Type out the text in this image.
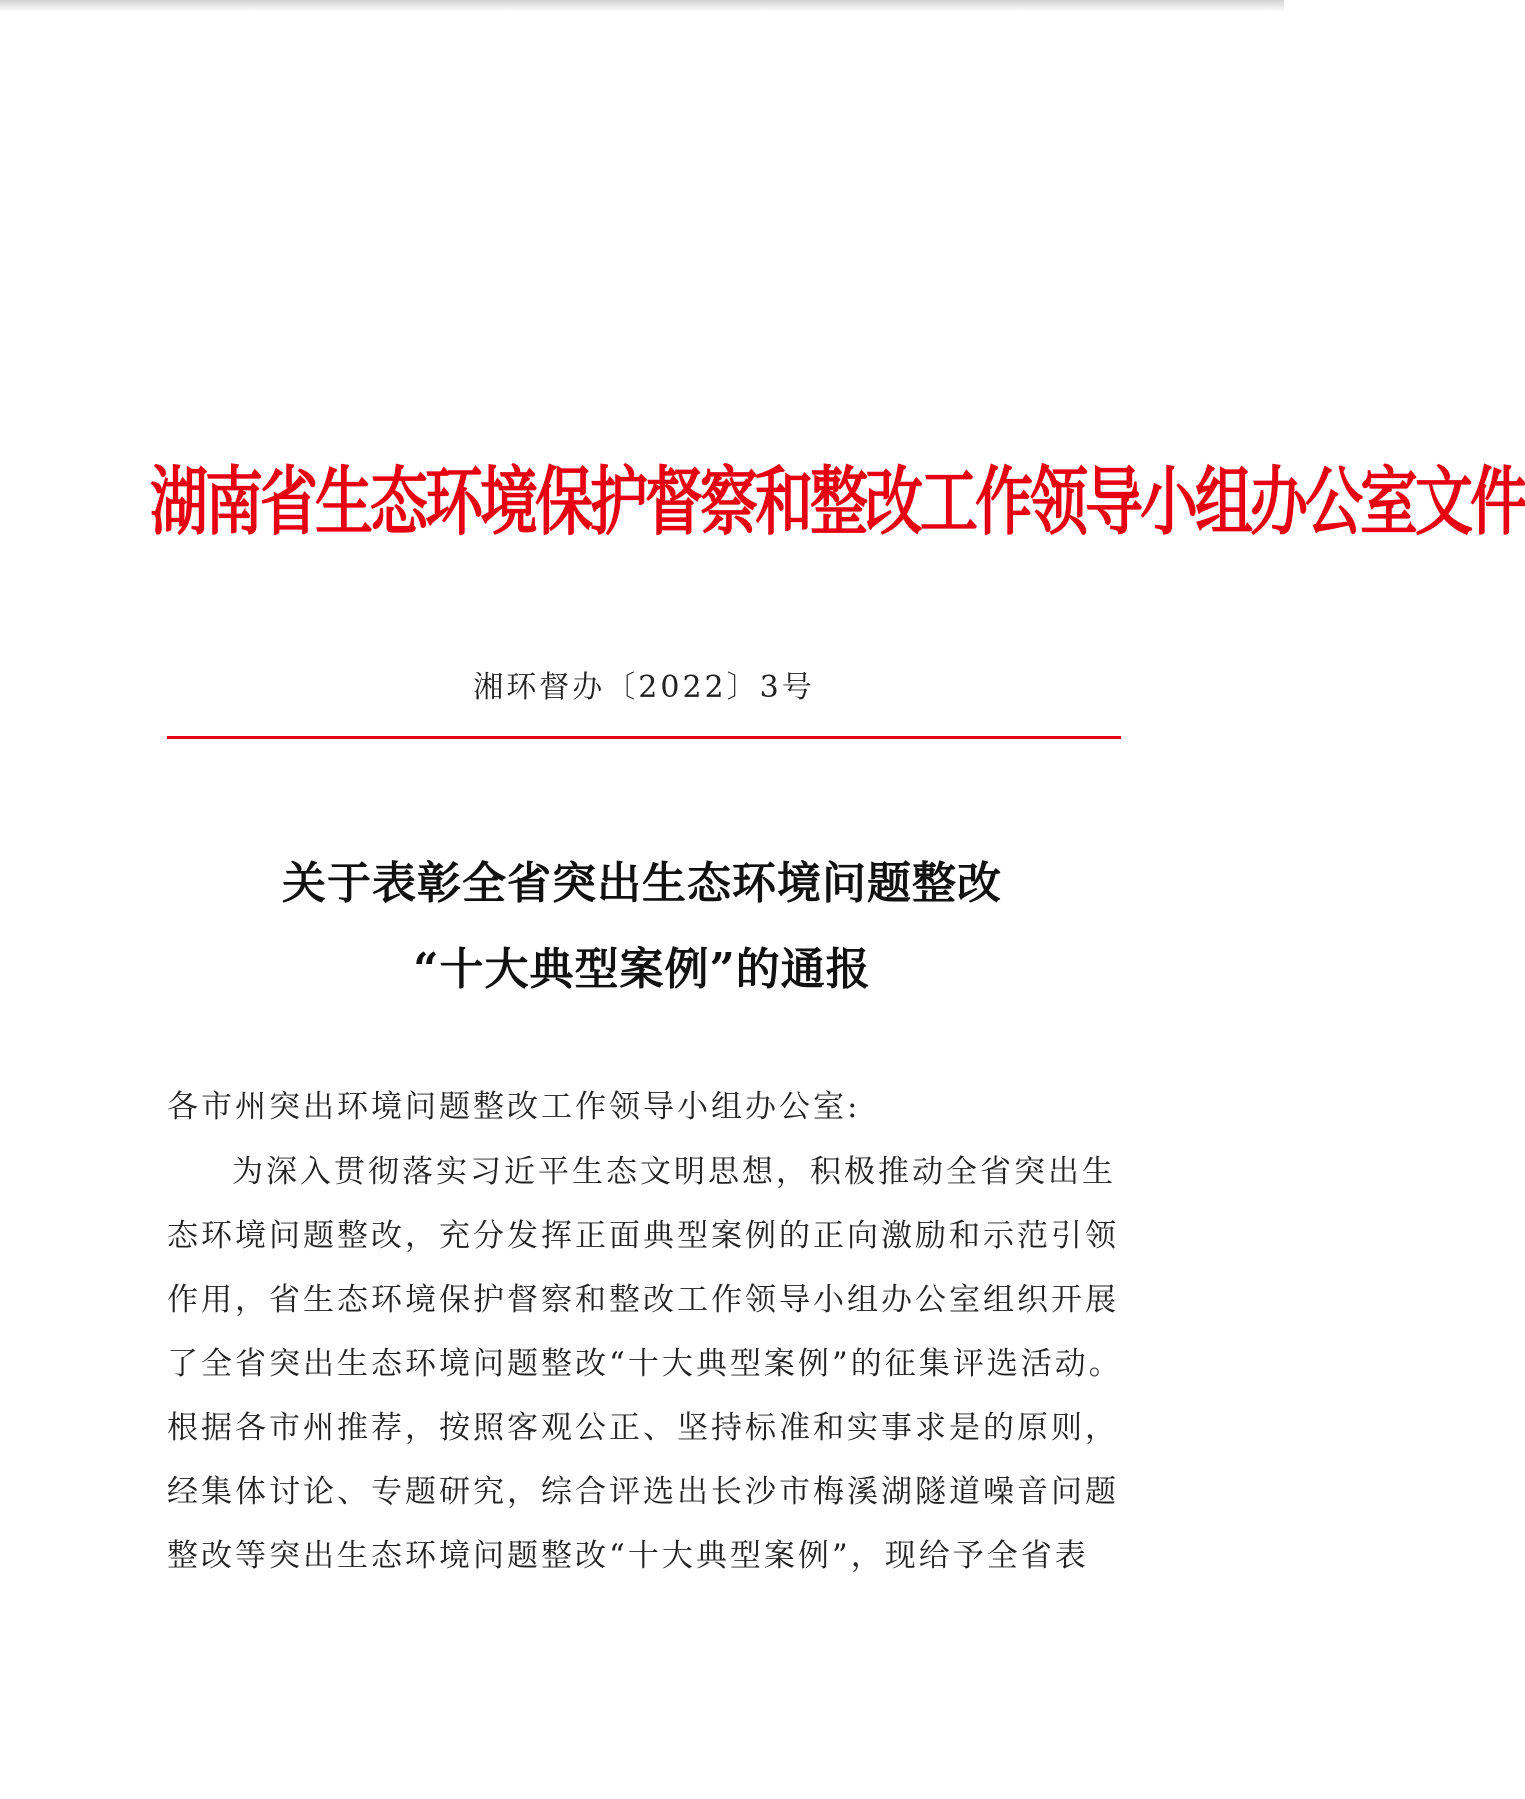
湖南省生态环境保护督察和整改工作领导小组办公室文件
湘环督办〔2022〕3号
关于表彰全省突出生态环境问题整改
“十大典型案例”的通报
各市州突出环境问题整改工作领导小组办公室:
为深入贯彻落实习近平生态文明思想，积极推动全省突出生
态环境问题整改，充分发挥正面典型案例的正向激励和示范引领
作用，省生态环境保护督察和整改工作领导小组办公室组织开展
了全省突出生态环境问题整改“十大典型案例”的征集评选活动。
根据各市州推荐，按照客观公正、坚持标准和实事求是的原则，
经集体讨论、专题研究，综合评选出长沙市梅溪湖隧道噪音问题
整改等突出生态环境问题整改“十大典型案例”，现给予全省表
